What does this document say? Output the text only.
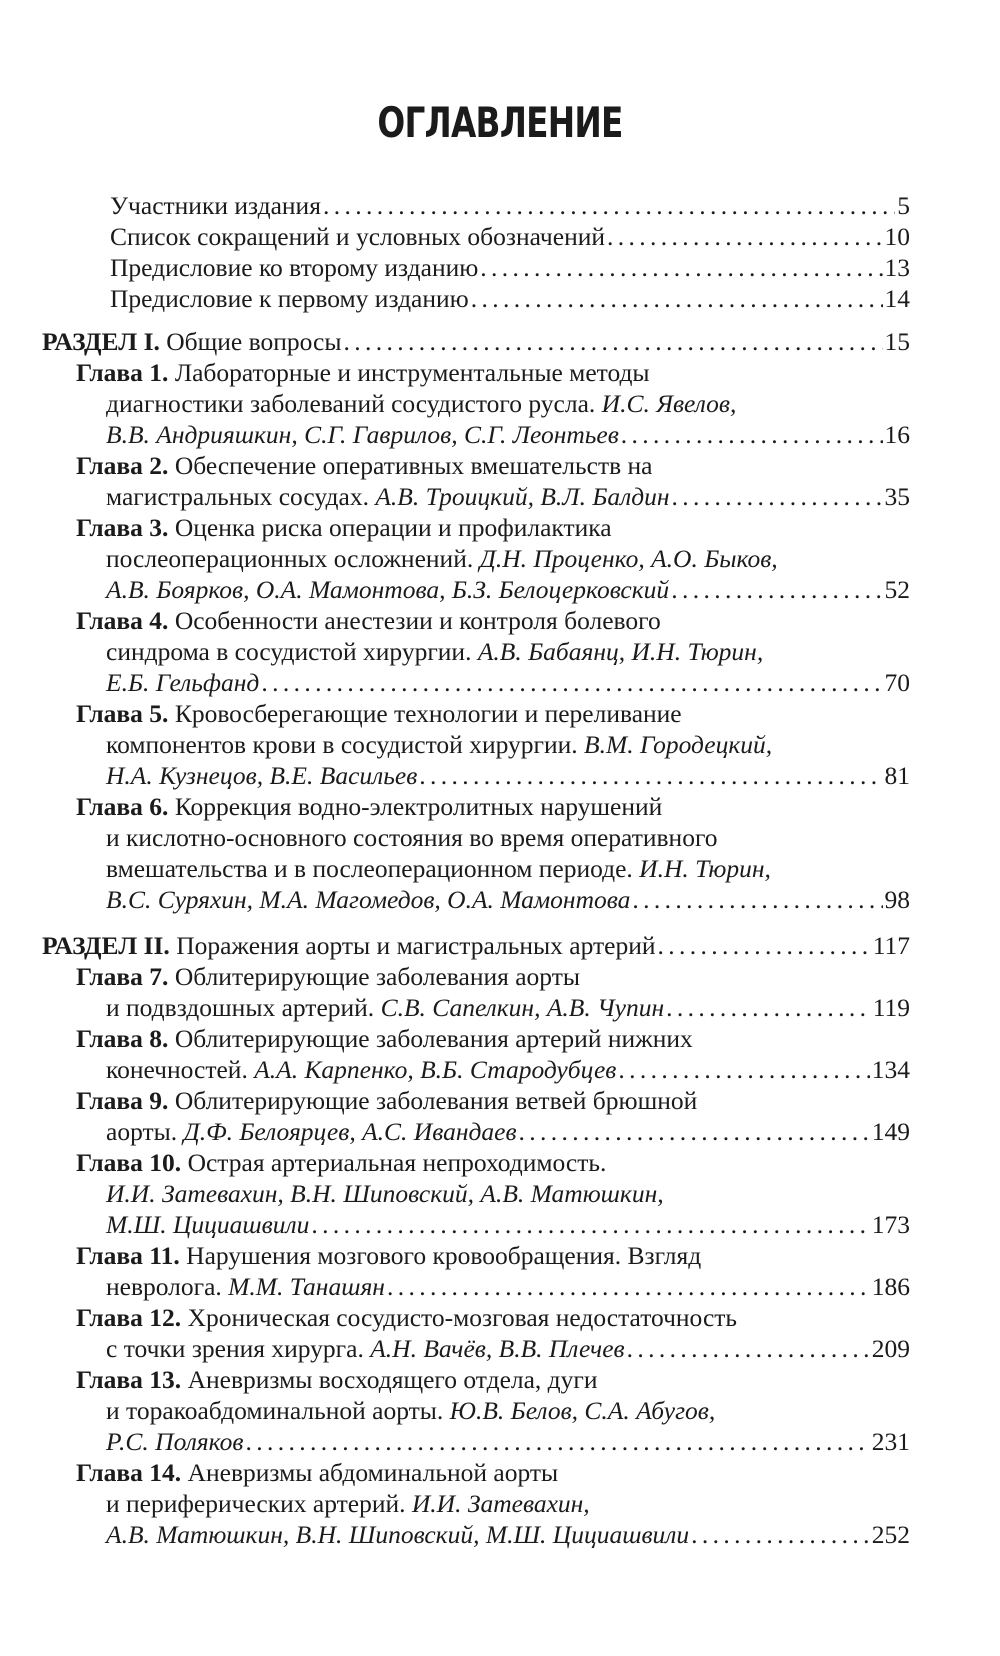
ОГЛАВЛЕНИЕ
Участники издания . . .	5
Список сокращений и условных обозначений . . .	10
Предисловие ко второму изданию . . .	13
Предисловие к первому изданию . . .	14
РАЗДЕЛ I. Общие вопросы . . .	15
Глава 1. Лабораторные и инструментальные методы
диагностики заболеваний сосудистого русла. И.С. Явелов,
В.В. Андрияшкин, С.Г. Гаврилов, С.Г. Леонтьев . . .	16
Глава 2. Обеспечение оперативных вмешательств на
магистральных сосудах. А.В. Троицкий, В.Л. Балдин . . .	35
Глава 3. Оценка риска операции и профилактика
послеоперационных осложнений. Д.Н. Проценко, А.О. Быков,
А.В. Боярков, О.А. Мамонтова, Б.З. Белоцерковский . . .	52
Глава 4. Особенности анестезии и контроля болевого
синдрома в сосудистой хирургии. А.В. Бабаянц, И.Н. Тюрин,
Е.Б. Гельфанд . . .	70
Глава 5. Кровосберегающие технологии и переливание
компонентов крови в сосудистой хирургии. В.М. Городецкий,
Н.А. Кузнецов, В.Е. Васильев . . .	81
Глава 6. Коррекция водно-электролитных нарушений
и кислотно-основного состояния во время оперативного
вмешательства и в послеоперационном периоде. И.Н. Тюрин,
В.С. Суряхин, М.А. Магомедов, О.А. Мамонтова . . .	98
РАЗДЕЛ II. Поражения аорты и магистральных артерий . . .	117
Глава 7. Облитерирующие заболевания аорты
и подвздошных артерий. С.В. Сапелкин, А.В. Чупин . . .	119
Глава 8. Облитерирующие заболевания артерий нижних
конечностей. А.А. Карпенко, В.Б. Стародубцев . . .	134
Глава 9. Облитерирующие заболевания ветвей брюшной
аорты. Д.Ф. Белоярцев, А.С. Ивандаев . . .	149
Глава 10. Острая артериальная непроходимость.
И.И. Затевахин, В.Н. Шиповский, А.В. Матюшкин,
М.Ш. Цициашвили . . .	173
Глава 11. Нарушения мозгового кровообращения. Взгляд
невролога. М.М. Танашян . . .	186
Глава 12. Хроническая сосудисто-мозговая недостаточность
с точки зрения хирурга. А.Н. Вачёв, В.В. Плечев . . .	209
Глава 13. Аневризмы восходящего отдела, дуги
и торакоабдоминальной аорты. Ю.В. Белов, С.А. Абугов,
Р.С. Поляков . . .	231
Глава 14. Аневризмы абдоминальной аорты
и периферических артерий. И.И. Затевахин,
А.В. Матюшкин, В.Н. Шиповский, М.Ш. Цициашвили . . .	252
